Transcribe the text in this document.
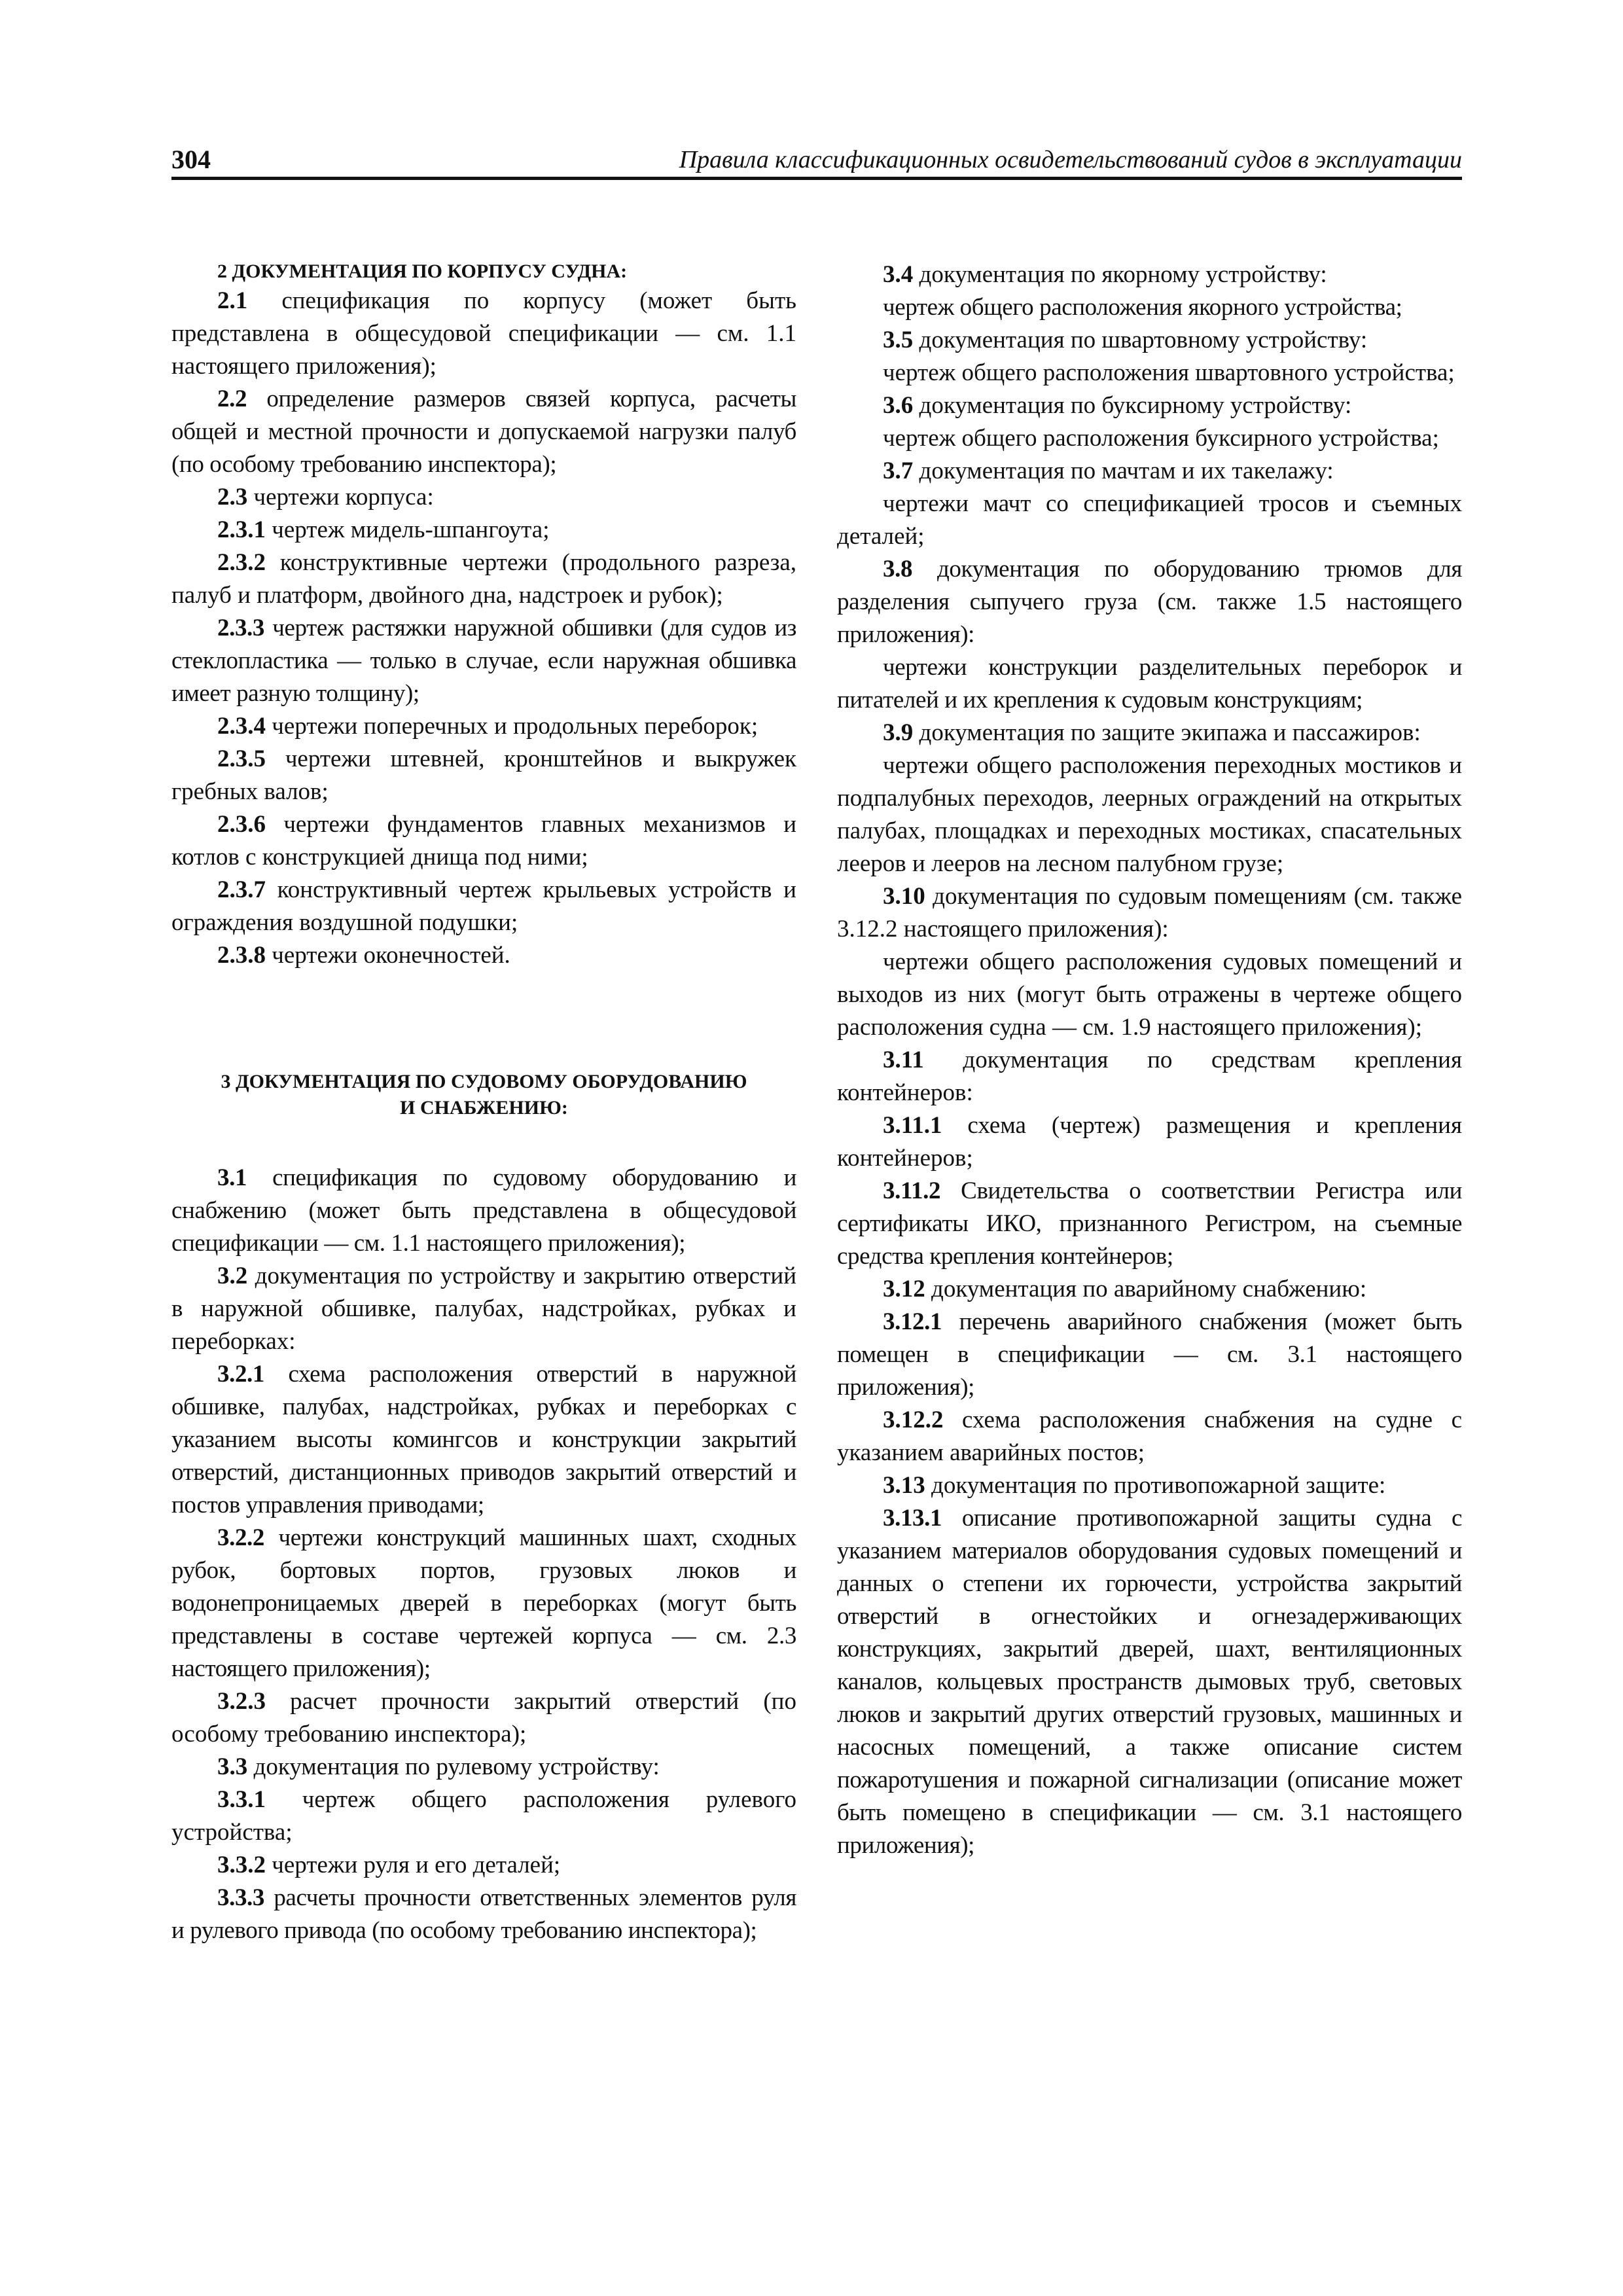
304	Правила классификационных освидетельствований судов в эксплуатации

2 ДОКУМЕНТАЦИЯ ПО КОРПУСУ СУДНА:

2.1 спецификация по корпусу (может быть представлена в общесудовой спецификации — см. 1.1 настоящего приложения);

2.2 определение размеров связей корпуса, расчеты общей и местной прочности и допускаемой нагрузки палуб (по особому требованию инспектора);

2.3 чертежи корпуса:

2.3.1 чертеж мидель-шпангоута;

2.3.2 конструктивные чертежи (продольного разреза, палуб и платформ, двойного дна, надстроек и рубок);

2.3.3 чертеж растяжки наружной обшивки (для судов из стеклопластика — только в случае, если наружная обшивка имеет разную толщину);

2.3.4 чертежи поперечных и продольных переборок;

2.3.5 чертежи штевней, кронштейнов и выкружек гребных валов;

2.3.6 чертежи фундаментов главных механизмов и котлов с конструкцией днища под ними;

2.3.7 конструктивный чертеж крыльевых устройств и ограждения воздушной подушки;

2.3.8 чертежи оконечностей.

3 ДОКУМЕНТАЦИЯ ПО СУДОВОМУ ОБОРУДОВАНИЮ
И СНАБЖЕНИЮ:

3.1 спецификация по судовому оборудованию и снабжению (может быть представлена в общесудовой спецификации — см. 1.1 настоящего приложения);

3.2 документация по устройству и закрытию отверстий в наружной обшивке, палубах, надстройках, рубках и переборках:

3.2.1 схема расположения отверстий в наружной обшивке, палубах, надстройках, рубках и переборках с указанием высоты комингсов и конструкции закрытий отверстий, дистанционных приводов закрытий отверстий и постов управления приводами;

3.2.2 чертежи конструкций машинных шахт, сходных рубок, бортовых портов, грузовых люков и водонепроницаемых дверей в переборках (могут быть представлены в составе чертежей корпуса — см. 2.3 настоящего приложения);

3.2.3 расчет прочности закрытий отверстий (по особому требованию инспектора);

3.3 документация по рулевому устройству:

3.3.1 чертеж общего расположения рулевого устройства;

3.3.2 чертежи руля и его деталей;

3.3.3 расчеты прочности ответственных элементов руля и рулевого привода (по особому требованию инспектора);

3.4 документация по якорному устройству:

чертеж общего расположения якорного устройства;

3.5 документация по швартовному устройству:

чертеж общего расположения швартовного устройства;

3.6 документация по буксирному устройству:

чертеж общего расположения буксирного устройства;

3.7 документация по мачтам и их такелажу:

чертежи мачт со спецификацией тросов и съемных деталей;

3.8 документация по оборудованию трюмов для разделения сыпучего груза (см. также 1.5 настоящего приложения):

чертежи конструкции разделительных переборок и питателей и их крепления к судовым конструкциям;

3.9 документация по защите экипажа и пассажиров:

чертежи общего расположения переходных мостиков и подпалубных переходов, леерных ограждений на открытых палубах, площадках и переходных мостиках, спасательных лееров и лееров на лесном палубном грузе;

3.10 документация по судовым помещениям (см. также 3.12.2 настоящего приложения):

чертежи общего расположения судовых помещений и выходов из них (могут быть отражены в чертеже общего расположения судна — см. 1.9 настоящего приложения);

3.11 документация по средствам крепления контейнеров:

3.11.1 схема (чертеж) размещения и крепления контейнеров;

3.11.2 Свидетельства о соответствии Регистра или сертификаты ИКО, признанного Регистром, на съемные средства крепления контейнеров;

3.12 документация по аварийному снабжению:

3.12.1 перечень аварийного снабжения (может быть помещен в спецификации — см. 3.1 настоящего приложения);

3.12.2 схема расположения снабжения на судне с указанием аварийных постов;

3.13 документация по противопожарной защите:

3.13.1 описание противопожарной защиты судна с указанием материалов оборудования судовых помещений и данных о степени их горючести, устройства закрытий отверстий в огнестойких и огнезадерживающих конструкциях, закрытий дверей, шахт, вентиляционных каналов, кольцевых пространств дымовых труб, световых люков и закрытий других отверстий грузовых, машинных и насосных помещений, а также описание систем пожаротушения и пожарной сигнализации (описание может быть помещено в спецификации — см. 3.1 настоящего приложения);
